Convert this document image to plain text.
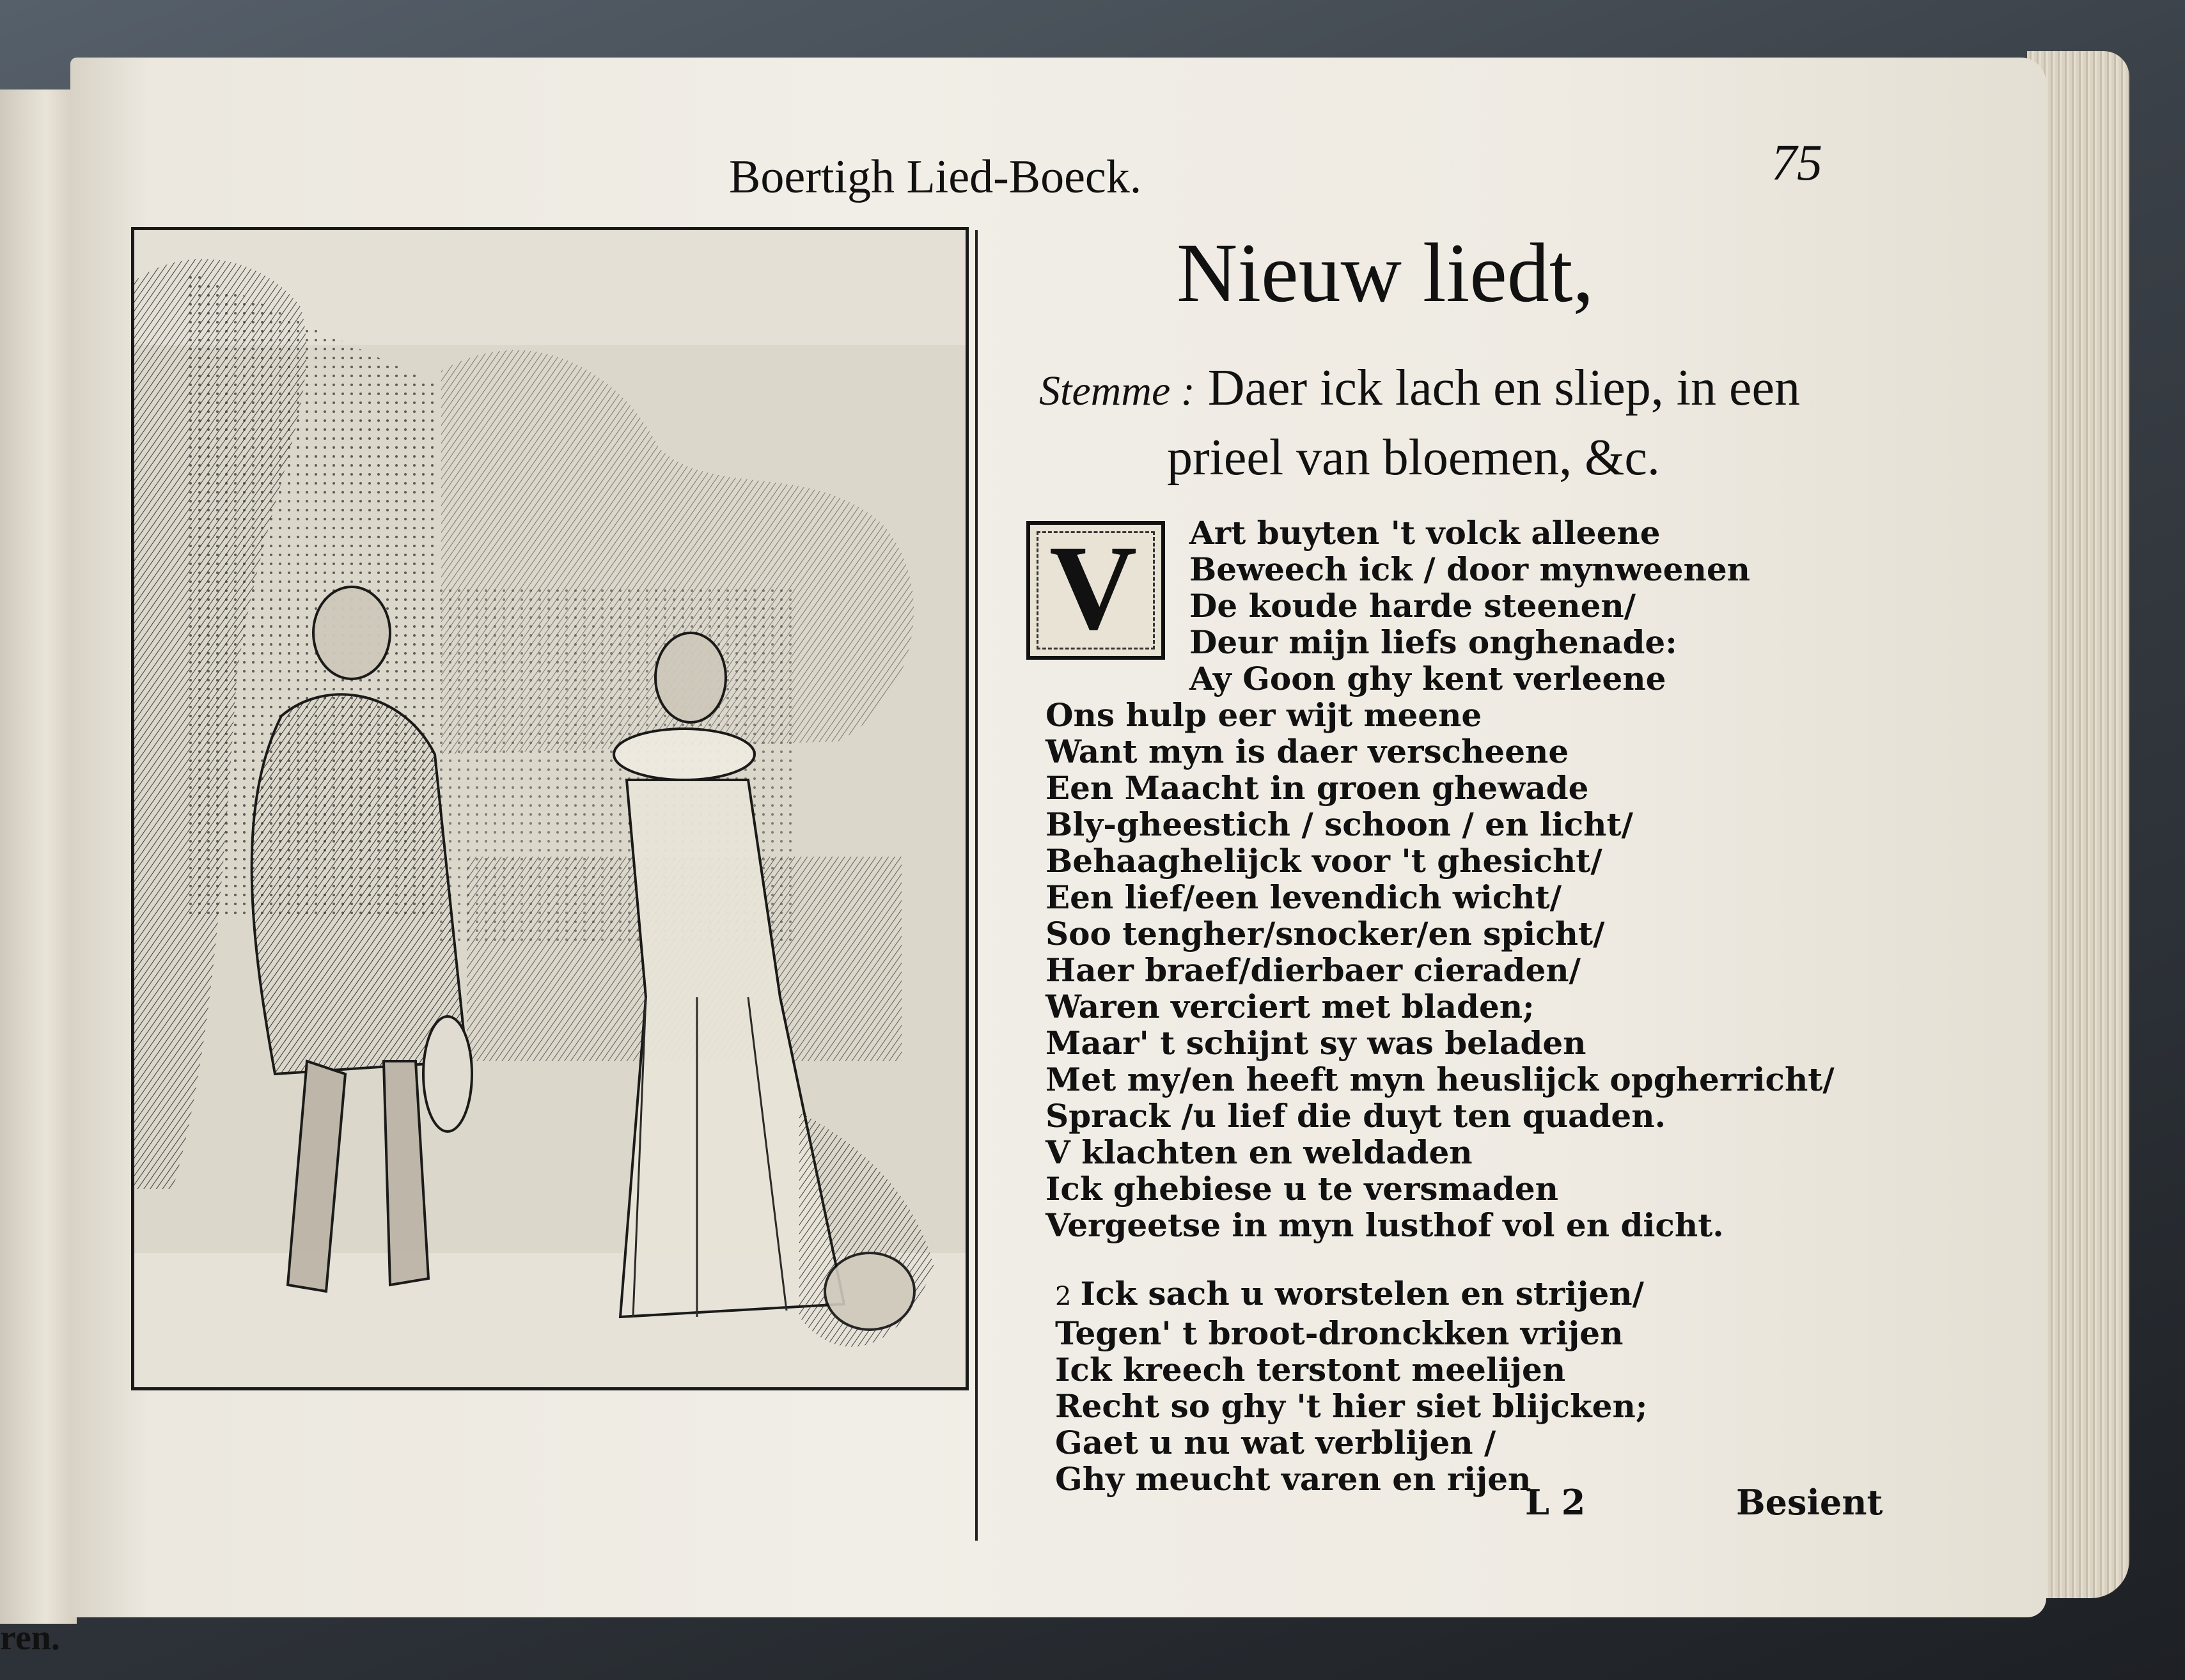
ren.
Boertigh Lied-Boeck.	75
Nieuw liedt,
Stemme : Daer ick lach en sliep, in een
prieel van bloemen, &c.
V	Art buyten 't volck alleene
Beweech ick / door mynweenen
De koude harde steenen/
Deur mijn liefs onghenade:
Ay Goon ghy kent verleene
Ons hulp eer wijt meene
Want myn is daer verscheene
Een Maacht in groen ghewade
Bly-gheestich / schoon / en licht/
Behaaghelijck voor 't ghesicht/
Een lief/een levendich wicht/
Soo tengher/snocker/en spicht/
Haer braef/dierbaer cieraden/
Waren verciert met bladen;
Maar' t schijnt sy was beladen
Met my/en heeft myn heuslijck opgherricht/
Sprack /u lief die duyt ten quaden.
V klachten en weldaden
Ick ghebiese u te versmaden
Vergeetse in myn lusthof vol en dicht.
2 Ick sach u worstelen en strijen/
Tegen' t broot-dronckken vrijen
Ick kreech terstont meelijen
Recht so ghy 't hier siet blijcken;
Gaet u nu wat verblijen /
Ghy meucht varen en rijen
L 2	Besient
